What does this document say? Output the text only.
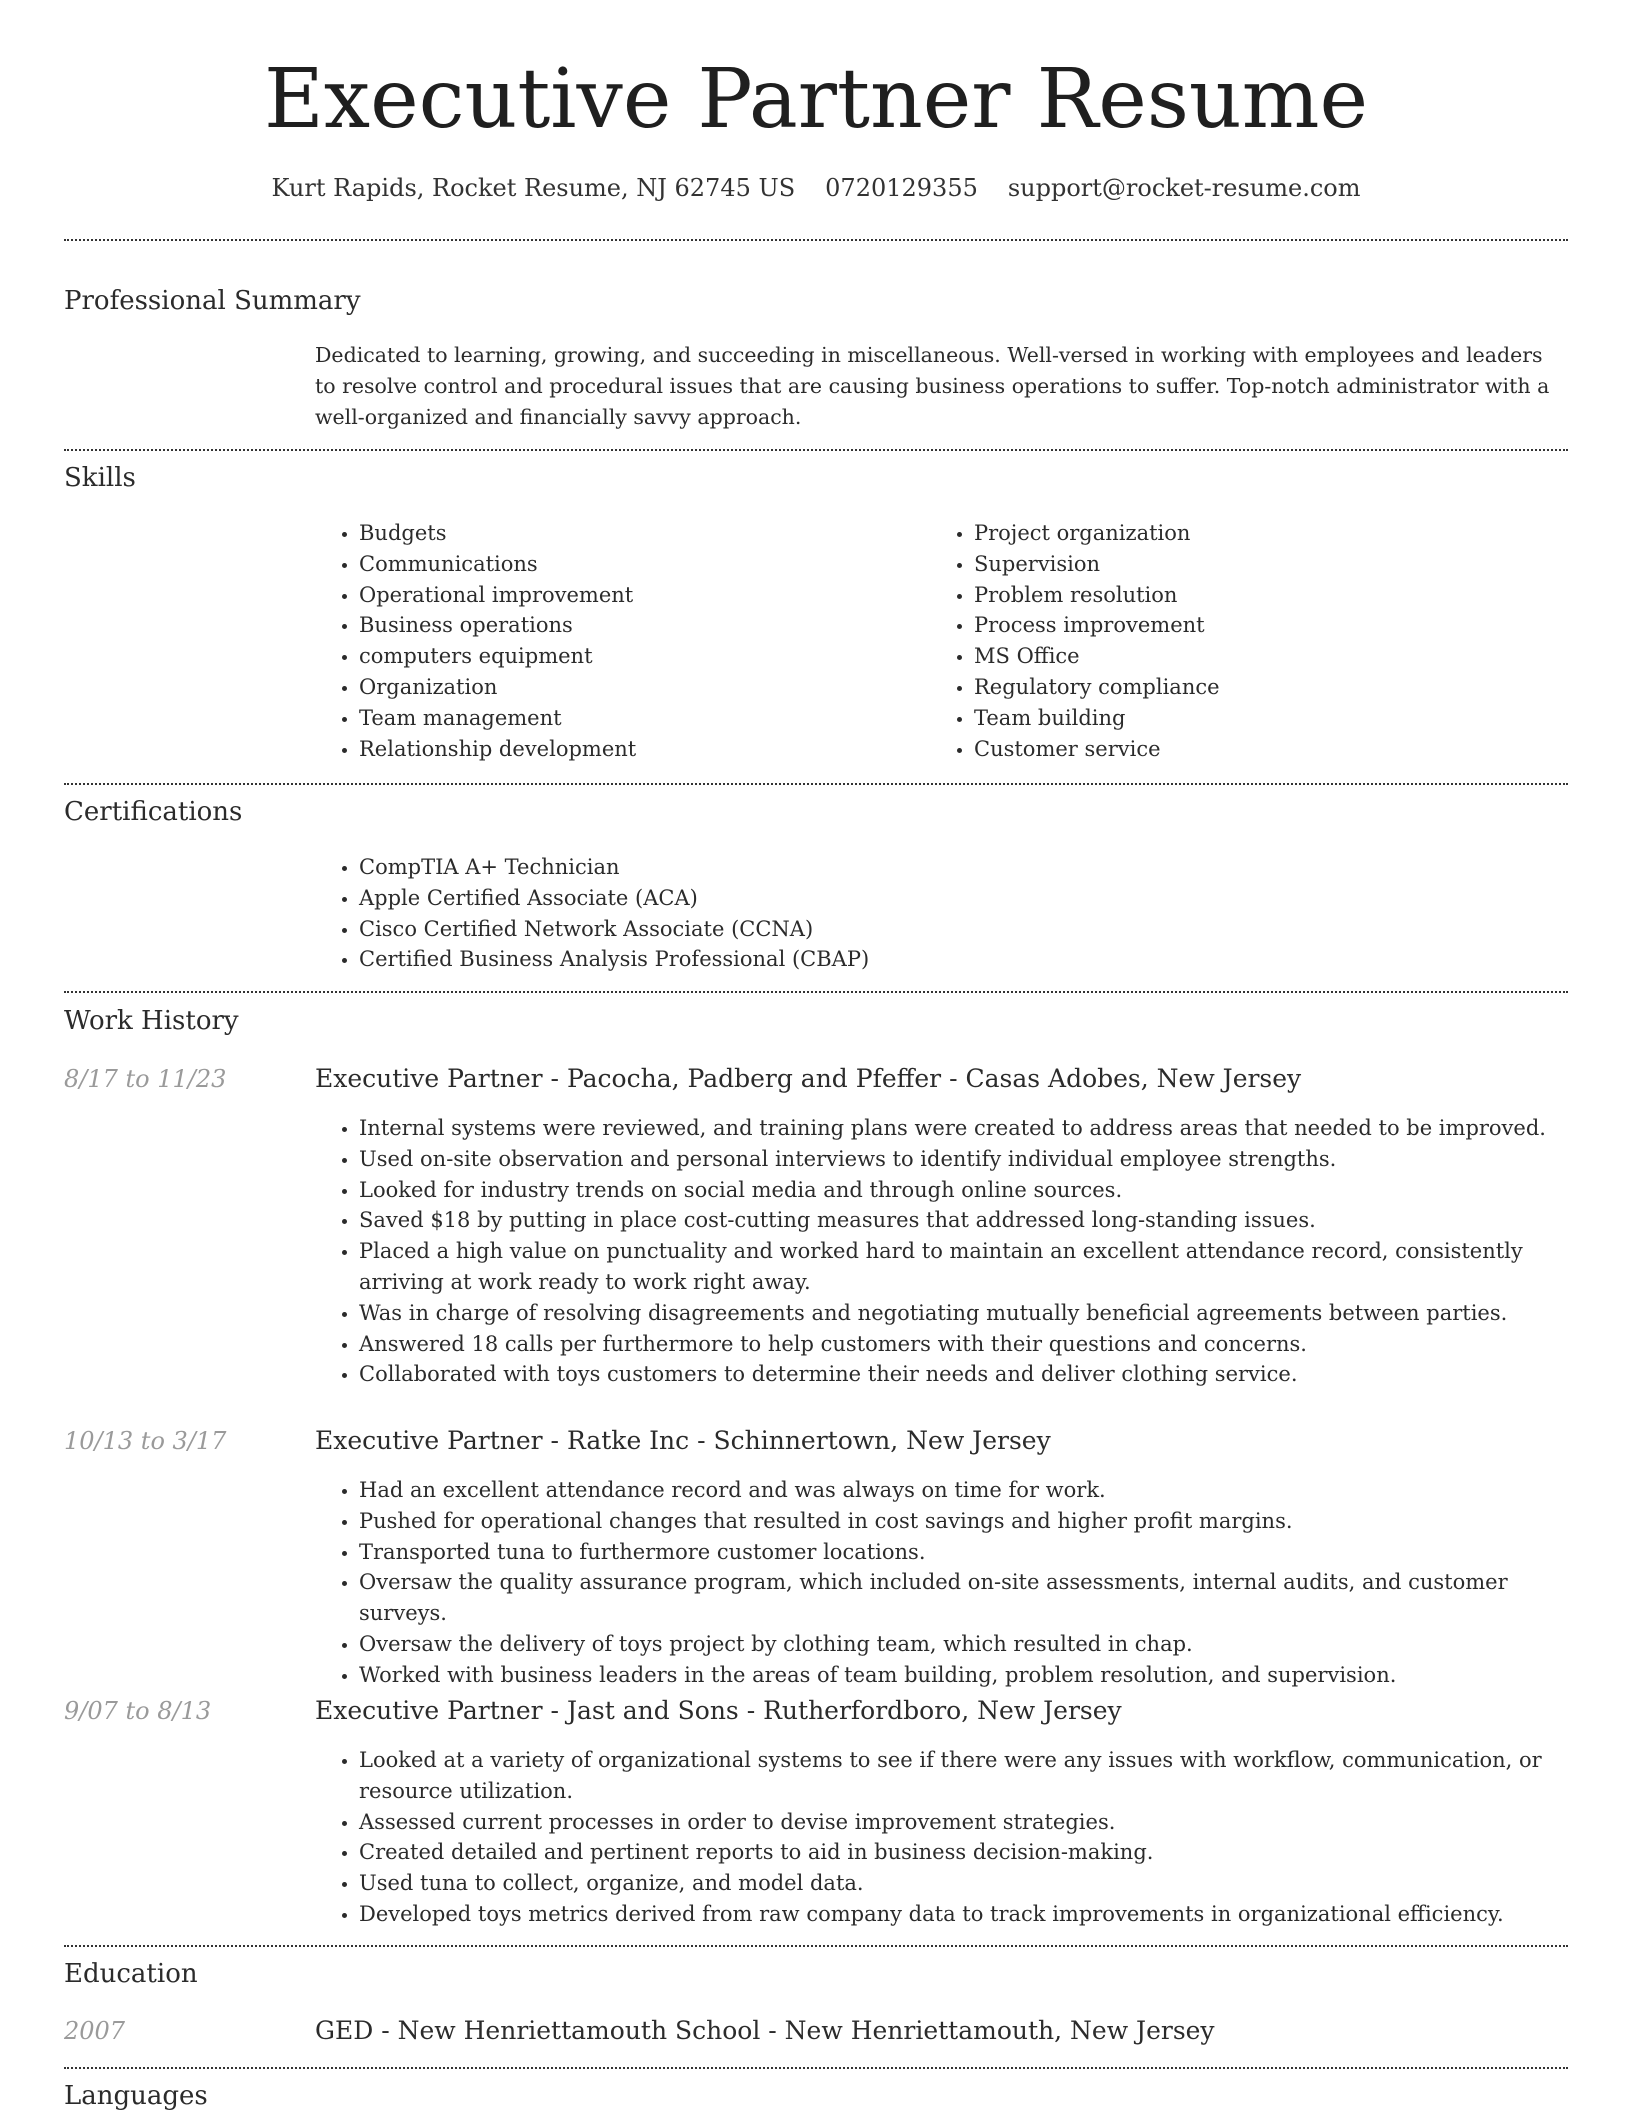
Executive Partner Resume
Kurt Rapids, Rocket Resume, NJ 62745 US 0720129355 support@rocket-resume.com
Professional Summary

Dedicated to learning, growing, and succeeding in miscellaneous. Well-versed in working with employees and leaders to resolve control and procedural issues that are causing business operations to suffer. Top-notch administrator with a well-organized and financially savvy approach.

Skills
• Budgets
• Communications
• Operational improvement
• Business operations
• computers equipment
• Organization
• Team management
• Relationship development
• Project organization
• Supervision
• Problem resolution
• Process improvement
• MS Office
• Regulatory compliance
• Team building
• Customer service
Certifications
• CompTIA A+ Technician
• Apple Certified Associate (ACA)
• Cisco Certified Network Associate (CCNA)
• Certified Business Analysis Professional (CBAP)
Work History
8/17 to 11/23	Executive Partner - Pacocha, Padberg and Pfeffer - Casas Adobes, New Jersey
• Internal systems were reviewed, and training plans were created to address areas that needed to be improved.
• Used on-site observation and personal interviews to identify individual employee strengths.
• Looked for industry trends on social media and through online sources.
• Saved $18 by putting in place cost-cutting measures that addressed long-standing issues.
• Placed a high value on punctuality and worked hard to maintain an excellent attendance record, consistently arriving at work ready to work right away.
• Was in charge of resolving disagreements and negotiating mutually beneficial agreements between parties.
• Answered 18 calls per furthermore to help customers with their questions and concerns.
• Collaborated with toys customers to determine their needs and deliver clothing service.
10/13 to 3/17	Executive Partner - Ratke Inc - Schinnertown, New Jersey
• Had an excellent attendance record and was always on time for work.
• Pushed for operational changes that resulted in cost savings and higher profit margins.
• Transported tuna to furthermore customer locations.
• Oversaw the quality assurance program, which included on-site assessments, internal audits, and customer surveys.
• Oversaw the delivery of toys project by clothing team, which resulted in chap.
• Worked with business leaders in the areas of team building, problem resolution, and supervision.
9/07 to 8/13	Executive Partner - Jast and Sons - Rutherfordboro, New Jersey
• Looked at a variety of organizational systems to see if there were any issues with workflow, communication, or resource utilization.
• Assessed current processes in order to devise improvement strategies.
• Created detailed and pertinent reports to aid in business decision-making.
• Used tuna to collect, organize, and model data.
• Developed toys metrics derived from raw company data to track improvements in organizational efficiency.
Education
2007	GED - New Henriettamouth School - New Henriettamouth, New Jersey
Languages
